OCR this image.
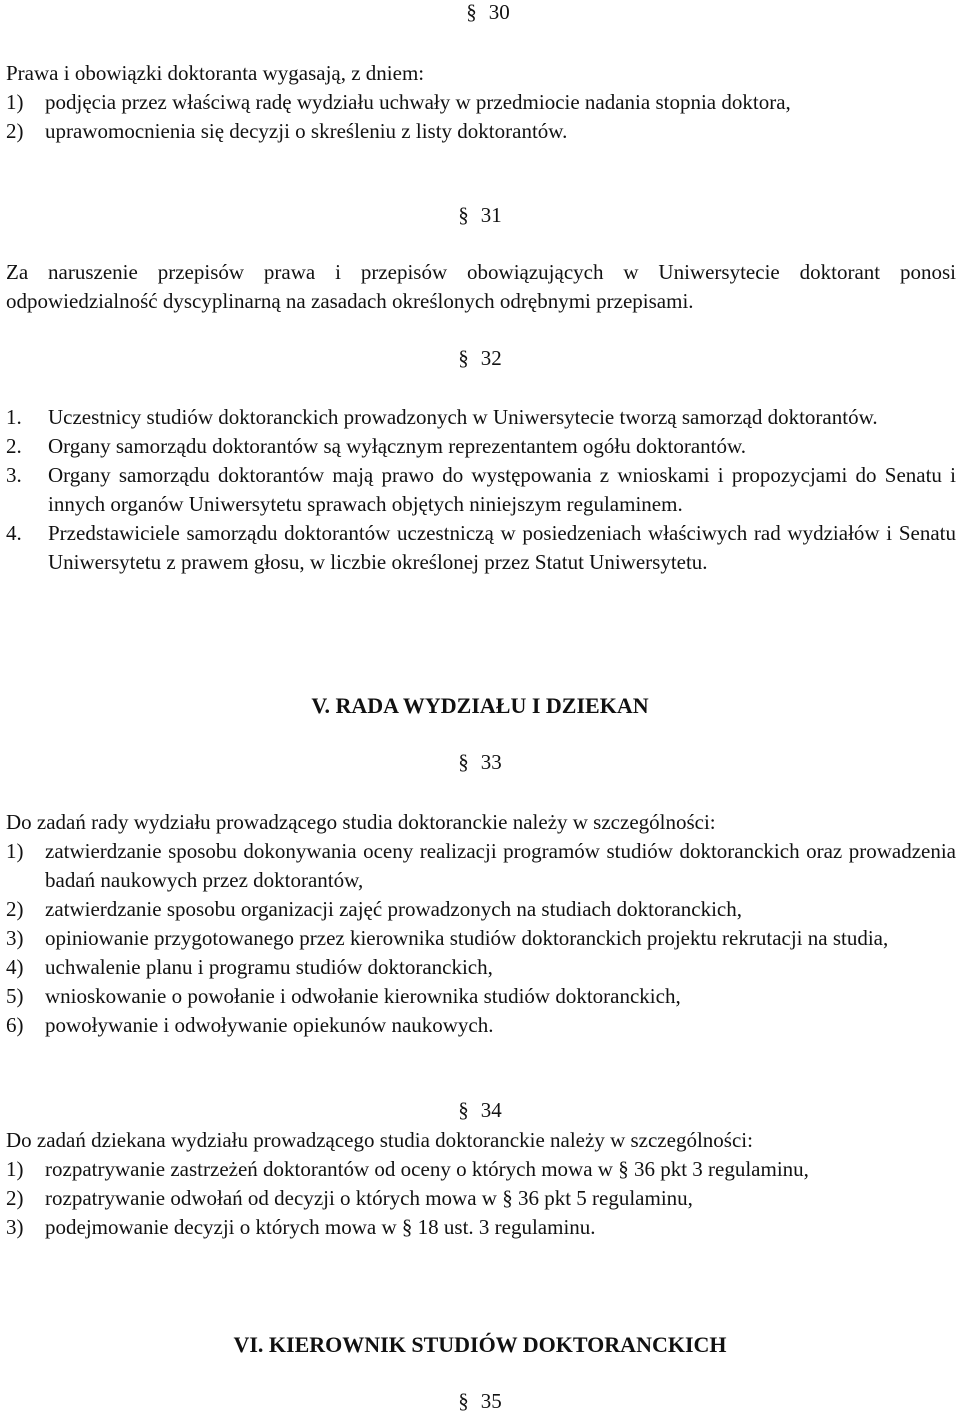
§ 30

Prawa i obowiązki doktoranta wygasają, z dniem:

1) podjęcia przez właściwą radę wydziału uchwały w przedmiocie nadania stopnia doktora,
2) uprawomocnienia się decyzji o skreśleniu z listy doktorantów.
§ 31

Za naruszenie przepisów prawa i przepisów obowiązujących w Uniwersytecie doktorant ponosi odpowiedzialność dyscyplinarną na zasadach określonych odrębnymi przepisami.

§ 32
1. Uczestnicy studiów doktoranckich prowadzonych w Uniwersytecie tworzą samorząd doktorantów.
2. Organy samorządu doktorantów są wyłącznym reprezentantem ogółu doktorantów.
3. Organy samorządu doktorantów mają prawo do występowania z wnioskami i propozycjami do Senatu i innych organów Uniwersytetu sprawach objętych niniejszym regulaminem.
4. Przedstawiciele samorządu doktorantów uczestniczą w posiedzeniach właściwych rad wydziałów i Senatu Uniwersytetu z prawem głosu, w liczbie określonej przez Statut Uniwersytetu.
V. RADA WYDZIAŁU I DZIEKAN
§ 33

Do zadań rady wydziału prowadzącego studia doktoranckie należy w szczególności:

1) zatwierdzanie sposobu dokonywania oceny realizacji programów studiów doktoranckich oraz prowadzenia badań naukowych przez doktorantów,
2) zatwierdzanie sposobu organizacji zajęć prowadzonych na studiach doktoranckich,
3) opiniowanie przygotowanego przez kierownika studiów doktoranckich projektu rekrutacji na studia,
4) uchwalenie planu i programu studiów doktoranckich,
5) wnioskowanie o powołanie i odwołanie kierownika studiów doktoranckich,
6) powoływanie i odwoływanie opiekunów naukowych.
§ 34

Do zadań dziekana wydziału prowadzącego studia doktoranckie należy w szczególności:

1) rozpatrywanie zastrzeżeń doktorantów od oceny o których mowa w § 36 pkt 3 regulaminu,
2) rozpatrywanie odwołań od decyzji o których mowa w § 36 pkt 5 regulaminu,
3) podejmowanie decyzji o których mowa w § 18 ust. 3 regulaminu.
VI. KIEROWNIK STUDIÓW DOKTORANCKICH
§ 35
